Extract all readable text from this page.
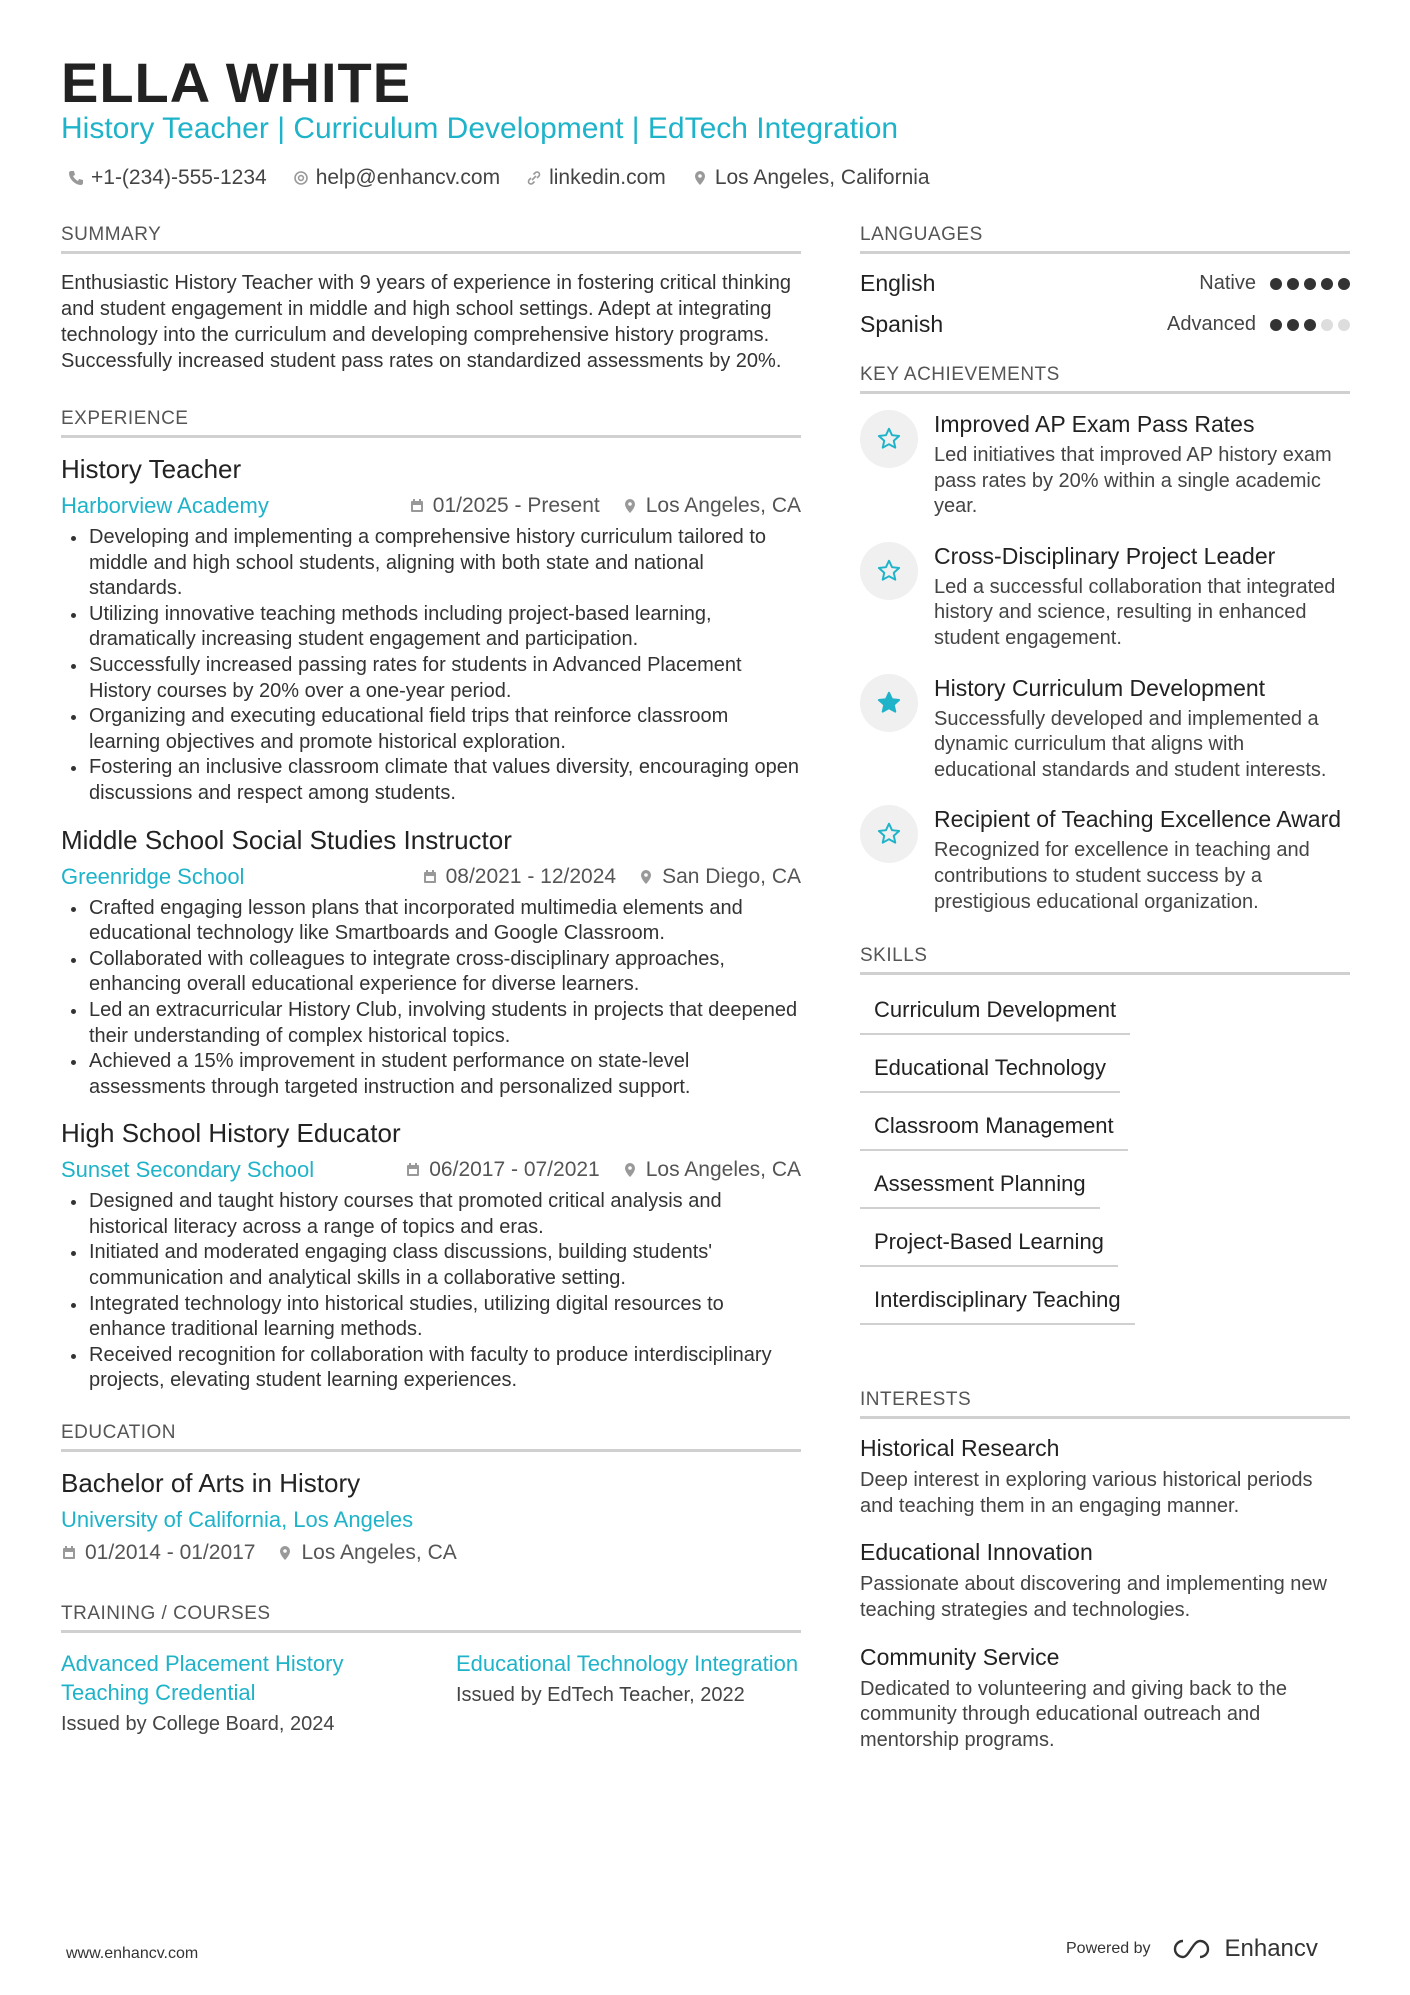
ELLA WHITE
History Teacher | Curriculum Development | EdTech Integration
+1-(234)-555-1234 help@enhancv.com linkedin.com Los Angeles, California
SUMMARY
Enthusiastic History Teacher with 9 years of experience in fostering critical thinking and student engagement in middle and high school settings. Adept at integrating technology into the curriculum and developing comprehensive history programs. Successfully increased student pass rates on standardized assessments by 20%.
EXPERIENCE
History Teacher
Harborview Academy	01/2025 - Present Los Angeles, CA
Developing and implementing a comprehensive history curriculum tailored to middle and high school students, aligning with both state and national standards.
Utilizing innovative teaching methods including project-based learning, dramatically increasing student engagement and participation.
Successfully increased passing rates for students in Advanced Placement History courses by 20% over a one-year period.
Organizing and executing educational field trips that reinforce classroom learning objectives and promote historical exploration.
Fostering an inclusive classroom climate that values diversity, encouraging open discussions and respect among students.
Middle School Social Studies Instructor
Greenridge School	08/2021 - 12/2024 San Diego, CA
Crafted engaging lesson plans that incorporated multimedia elements and educational technology like Smartboards and Google Classroom.
Collaborated with colleagues to integrate cross-disciplinary approaches, enhancing overall educational experience for diverse learners.
Led an extracurricular History Club, involving students in projects that deepened their understanding of complex historical topics.
Achieved a 15% improvement in student performance on state-level assessments through targeted instruction and personalized support.
High School History Educator
Sunset Secondary School	06/2017 - 07/2021 Los Angeles, CA
Designed and taught history courses that promoted critical analysis and historical literacy across a range of topics and eras.
Initiated and moderated engaging class discussions, building students' communication and analytical skills in a collaborative setting.
Integrated technology into historical studies, utilizing digital resources to enhance traditional learning methods.
Received recognition for collaboration with faculty to produce interdisciplinary projects, elevating student learning experiences.
EDUCATION
Bachelor of Arts in History
University of California, Los Angeles
01/2014 - 01/2017 Los Angeles, CA
TRAINING / COURSES
Advanced Placement History Teaching Credential
Issued by College Board, 2024
Educational Technology Integration
Issued by EdTech Teacher, 2022
LANGUAGES
English	Native
Spanish	Advanced
KEY ACHIEVEMENTS
Improved AP Exam Pass Rates
Led initiatives that improved AP history exam pass rates by 20% within a single academic year.
Cross-Disciplinary Project Leader
Led a successful collaboration that integrated history and science, resulting in enhanced student engagement.
History Curriculum Development
Successfully developed and implemented a dynamic curriculum that aligns with educational standards and student interests.
Recipient of Teaching Excellence Award
Recognized for excellence in teaching and contributions to student success by a prestigious educational organization.
SKILLS
Curriculum Development
Educational Technology
Classroom Management
Assessment Planning
Project-Based Learning
Interdisciplinary Teaching
INTERESTS
Historical Research
Deep interest in exploring various historical periods and teaching them in an engaging manner.
Educational Innovation
Passionate about discovering and implementing new teaching strategies and technologies.
Community Service
Dedicated to volunteering and giving back to the community through educational outreach and mentorship programs.
www.enhancv.com	Powered by	Enhancv
